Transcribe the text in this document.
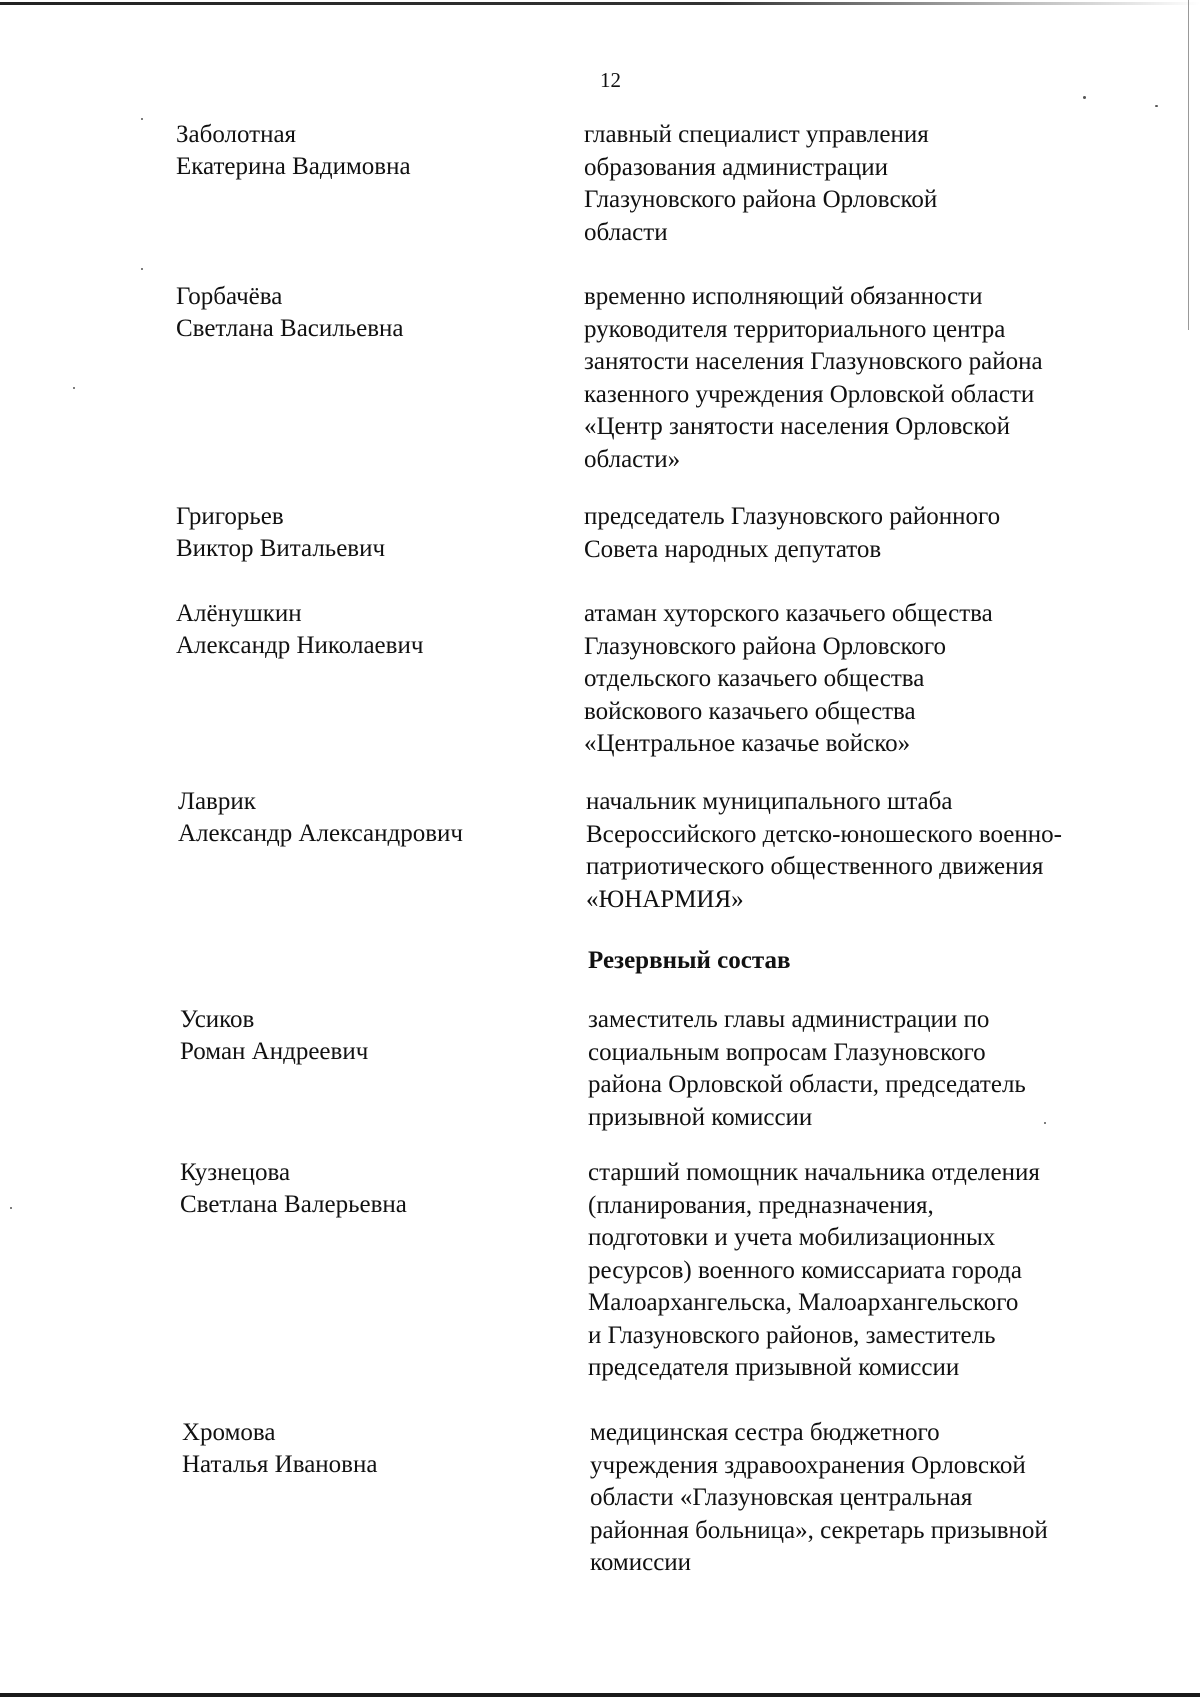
12
Заболотная
Екатерина Вадимовна
главный специалист управления
образования администрации
Глазуновского района Орловской
области
Горбачёва
Светлана Васильевна
временно исполняющий обязанности
руководителя территориального центра
занятости населения Глазуновского района
казенного учреждения Орловской области
«Центр занятости населения Орловской
области»
Григорьев
Виктор Витальевич
председатель Глазуновского районного
Совета народных депутатов
Алёнушкин
Александр Николаевич
атаман хуторского казачьего общества
Глазуновского района Орловского
отдельского казачьего общества
войскового казачьего общества
«Центральное казачье войско»
Лаврик
Александр Александрович
начальник муниципального штаба
Всероссийского детско-юношеского военно-
патриотического общественного движения
«ЮНАРМИЯ»
Резервный состав
Усиков
Роман Андреевич
заместитель главы администрации по
социальным вопросам Глазуновского
района Орловской области, председатель
призывной комиссии
Кузнецова
Светлана Валерьевна
старший помощник начальника отделения
(планирования, предназначения,
подготовки и учета мобилизационных
ресурсов) военного комиссариата города
Малоархангельска, Малоархангельского
и Глазуновского районов, заместитель
председателя призывной комиссии
Хромова
Наталья Ивановна
медицинская сестра бюджетного
учреждения здравоохранения Орловской
области «Глазуновская центральная
районная больница», секретарь призывной
комиссии
